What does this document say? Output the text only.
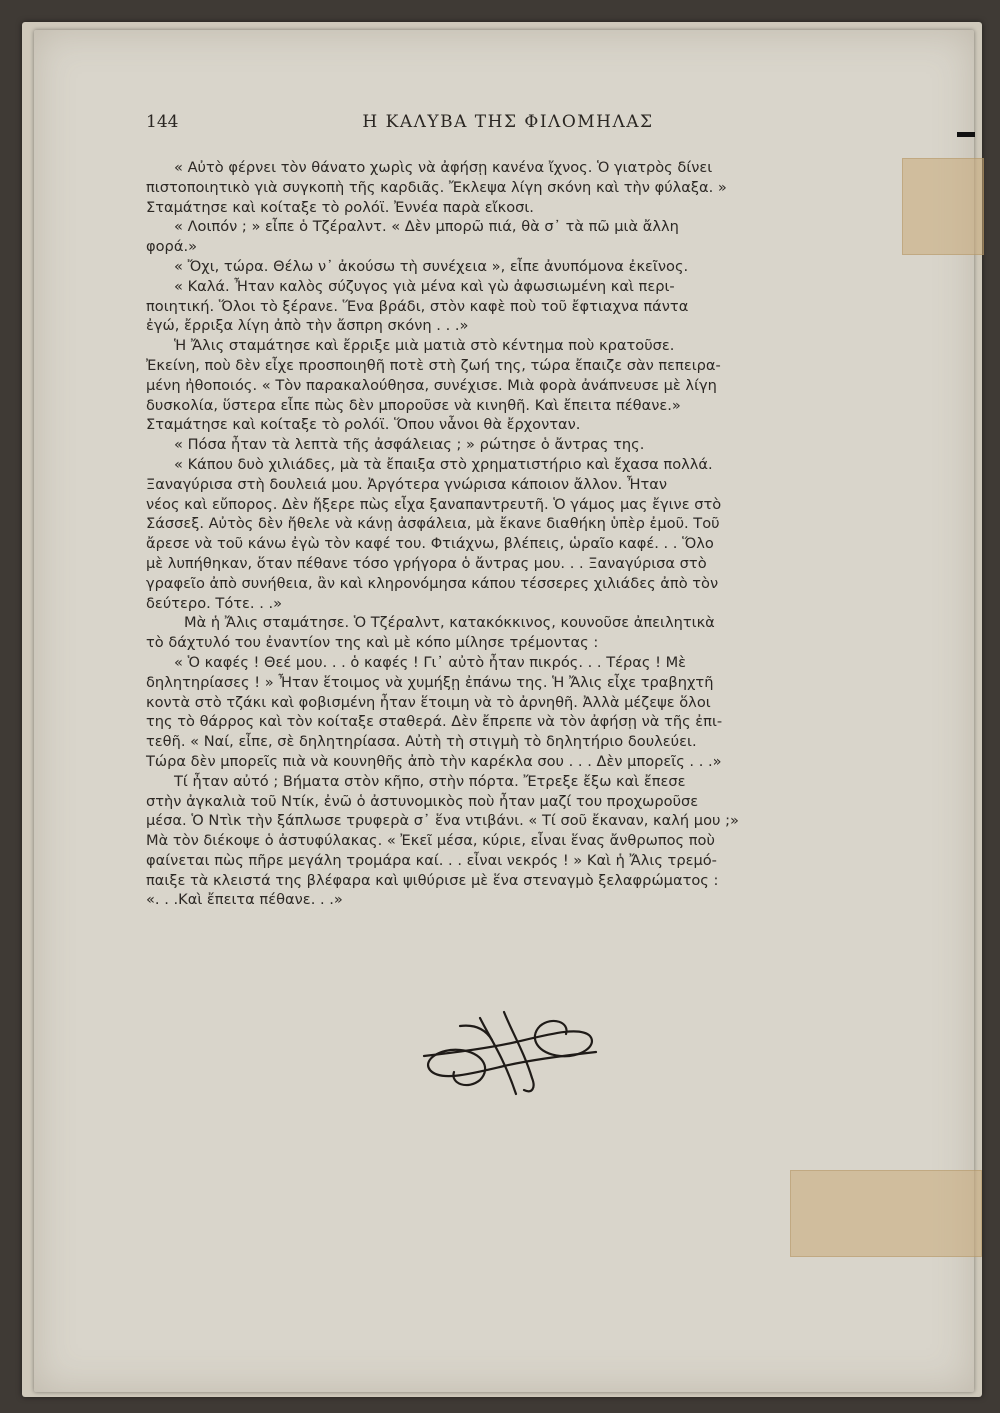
144	Η ΚΑΛΥΒΑ ΤΗΣ ΦΙΛΟΜΗΛΑΣ

« Αὐτὸ φέρνει τὸν θάνατο χωρὶς νὰ ἀφήσῃ κανένα ἴχνος. Ὁ γιατρὸς δίνει

πιστοποιητικὸ γιὰ συγκοπὴ τῆς καρδιᾶς. Ἔκλεψα λίγη σκόνη καὶ τὴν φύλαξα. »

Σταμάτησε καὶ κοίταξε τὸ ρολόϊ. Ἐννέα παρὰ εἴκοσι.

« Λοιπόν ; » εἶπε ὁ Τζέραλντ. « Δὲν μπορῶ πιά, θὰ σ᾽ τὰ πῶ μιὰ ἄλλη

φορά.»

« Ὄχι, τώρα. Θέλω ν᾽ ἀκούσω τὴ συνέχεια », εἶπε ἀνυπόμονα ἐκεῖνος.

« Καλά. Ἦταν καλὸς σύζυγος γιὰ μένα καὶ γὼ ἀφωσιωμένη καὶ περι-

ποιητική. Ὅλοι τὸ ξέρανε. Ἕνα βράδι, στὸν καφὲ ποὺ τοῦ ἔφτιαχνα πάντα

ἐγώ, ἔρριξα λίγη ἀπὸ τὴν ἄσπρη σκόνη . . .»

Ἡ Ἄλις σταμάτησε καὶ ἔρριξε μιὰ ματιὰ στὸ κέντημα ποὺ κρατοῦσε.

Ἐκείνη, ποὺ δὲν εἶχε προσποιηθῆ ποτὲ στὴ ζωή της, τώρα ἔπαιζε σὰν πεπειρα-

μένη ἠθοποιός. « Τὸν παρακαλούθησα, συνέχισε. Μιὰ φορὰ ἀνάπνευσε μὲ λίγη

δυσκολία, ὕστερα εἶπε πὼς δὲν μποροῦσε νὰ κινηθῆ. Καὶ ἔπειτα πέθανε.»

Σταμάτησε καὶ κοίταξε τὸ ρολόϊ. Ὅπου νἆνοι θὰ ἔρχονταν.

« Πόσα ἦταν τὰ λεπτὰ τῆς ἀσφάλειας ; » ρώτησε ὁ ἄντρας της.

« Κάπου δυὸ χιλιάδες, μὰ τὰ ἔπαιξα στὸ χρηματιστήριο καὶ ἔχασα πολλά.

Ξαναγύρισα στὴ δουλειά μου. Ἀργότερα γνώρισα κάποιον ἄλλον. Ἦταν

νέος καὶ εὔπορος. Δὲν ἤξερε πὼς εἶχα ξαναπαντρευτῆ. Ὁ γάμος μας ἔγινε στὸ

Σάσσεξ. Αὐτὸς δὲν ἤθελε νὰ κάνῃ ἀσφάλεια, μὰ ἔκανε διαθήκη ὑπὲρ ἐμοῦ. Τοῦ

ἄρεσε νὰ τοῦ κάνω ἐγὼ τὸν καφέ του. Φτιάχνω, βλέπεις, ὡραῖο καφέ. . . Ὅλο

μὲ λυπήθηκαν, ὅταν πέθανε τόσο γρήγορα ὁ ἄντρας μου. . . Ξαναγύρισα στὸ

γραφεῖο ἀπὸ συνήθεια, ἂν καὶ κληρονόμησα κάπου τέσσερες χιλιάδες ἀπὸ τὸν

δεύτερο. Τότε. . .»

Μὰ ἡ Ἄλις σταμάτησε. Ὁ Τζέραλντ, κατακόκκινος, κουνοῦσε ἀπειλητικὰ

τὸ δάχτυλό του ἐναντίον της καὶ μὲ κόπο μίλησε τρέμοντας :

« Ὁ καφές ! Θεέ μου. . . ὁ καφές ! Γι᾽ αὐτὸ ἦταν πικρός. . . Τέρας ! Μὲ

δηλητηρίασες ! » Ἦταν ἕτοιμος νὰ χυμήξῃ ἐπάνω της. Ἡ Ἄλις εἶχε τραβηχτῆ

κοντὰ στὸ τζάκι καὶ φοβισμένη ἦταν ἕτοιμη νὰ τὸ ἀρνηθῆ. Ἀλλὰ μέζεψε ὅλοι

της τὸ θάρρος καὶ τὸν κοίταξε σταθερά. Δὲν ἔπρεπε νὰ τὸν ἀφήσῃ νὰ τῆς ἐπι-

τεθῆ. « Ναί, εἶπε, σὲ δηλητηρίασα. Αὐτὴ τὴ στιγμὴ τὸ δηλητήριο δουλεύει.

Τώρα δὲν μπορεῖς πιὰ νὰ κουνηθῆς ἀπὸ τὴν καρέκλα σου . . . Δὲν μπορεῖς . . .»

Τί ἦταν αὐτό ; Βήματα στὸν κῆπο, στὴν πόρτα. Ἔτρεξε ἔξω καὶ ἔπεσε

στὴν ἀγκαλιὰ τοῦ Ντίκ, ἐνῶ ὁ ἀστυνομικὸς ποὺ ἦταν μαζί του προχωροῦσε

μέσα. Ὁ Ντὶκ τὴν ξάπλωσε τρυφερὰ σ᾽ ἕνα ντιβάνι. « Τί σοῦ ἔκαναν, καλή μου ;»

Μὰ τὸν διέκοψε ὁ ἀστυφύλακας. « Ἐκεῖ μέσα, κύριε, εἶναι ἕνας ἄνθρωπος ποὺ

φαίνεται πὼς πῆρε μεγάλη τρομάρα καί. . . εἶναι νεκρός ! » Καὶ ἡ Ἄλις τρεμό-

παιξε τὰ κλειστά της βλέφαρα καὶ ψιθύρισε μὲ ἕνα στεναγμὸ ξελαφρώματος :

«. . .Καὶ ἔπειτα πέθανε. . .»
